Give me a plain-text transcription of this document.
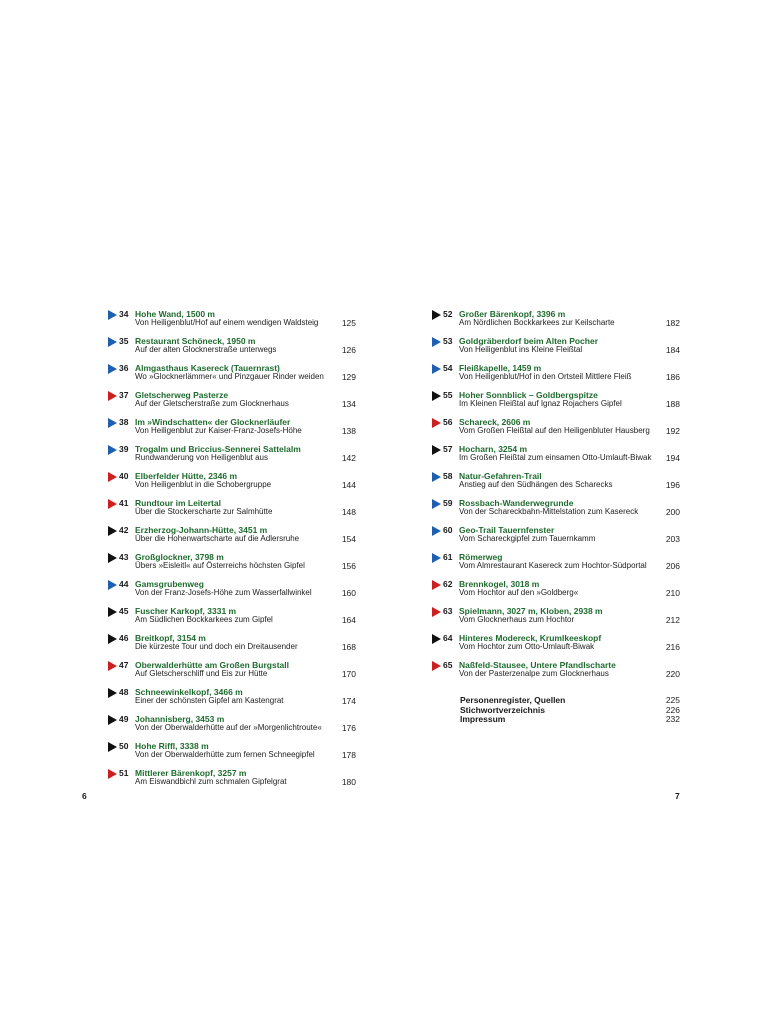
34 Hohe Wand, 1500 m
Von Heiligenblut/Hof auf einem wendigen Waldsteig	125
35 Restaurant Schöneck, 1950 m
Auf der alten Glocknerstraße unterwegs	126
36 Almgasthaus Kasereck (Tauernrast)
Wo »Glocknerlämmer« und Pinzgauer Rinder weiden 129
37 Gletscherweg Pasterze
Auf der Gletscherstraße zum Glocknerhaus	134
38 Im »Windschatten« der Glocknerläufer
Von Heiligenblut zur Kaiser-Franz-Josefs-Höhe	138
39 Trogalm und Briccius-Sennerei Sattelalm
Rundwanderung von Heiligenblut aus	142
40 Elberfelder Hütte, 2346 m
Von Heiligenblut in die Schobergruppe	144
41 Rundtour im Leitertal
Über die Stockerscharte zur Salmhütte	148
42 Erzherzog-Johann-Hütte, 3451 m
Über die Hohenwartscharte auf die Adlersruhe	154
43 Großglockner, 3798 m
Übers »Eisleitl« auf Österreichs höchsten Gipfel	156
44 Gamsgrubenweg
Von der Franz-Josefs-Höhe zum Wasserfallwinkel	160
45 Fuscher Karkopf, 3331 m
Am Südlichen Bockkarkees zum Gipfel	164
46 Breitkopf, 3154 m
Die kürzeste Tour und doch ein Dreitausender	168
47 Oberwalderhütte am Großen Burgstall
Auf Gletscherschliff und Eis zur Hütte	170
48 Schneewinkelkopf, 3466 m
Einer der schönsten Gipfel am Kastengrat	174
49 Johannisberg, 3453 m
Von der Oberwalderhütte auf der »Morgenlichtroute« 176
50 Hohe Riffl, 3338 m
Von der Oberwalderhütte zum fernen Schneegipfel	178
51 Mittlerer Bärenkopf, 3257 m
Am Eiswandbichl zum schmalen Gipfelgrat	180
6
52 Großer Bärenkopf, 3396 m
Am Nördlichen Bockkarkees zur Keilscharte	182
53 Goldgräberdorf beim Alten Pocher
Von Heiligenblut ins Kleine Fleißtal	184
54 Fleißkapelle, 1459 m
Von Heiligenblut/Hof in den Ortsteil Mittlere Fleiß	186
55 Hoher Sonnblick – Goldbergspitze
Im Kleinen Fleißtal auf Ignaz Rojachers Gipfel	188
56 Schareck, 2606 m
Vom Großen Fleißtal auf den Heiligenbluter Hausberg 192
57 Hocharn, 3254 m
Im Großen Fleißtal zum einsamen Otto-Umlauft-Biwak 194
58 Natur-Gefahren-Trail
Anstieg auf den Südhängen des Scharecks	196
59 Rossbach-Wanderwegrunde
Von der Schareckbahn-Mittelstation zum Kasereck	200
60 Geo-Trail Tauernfenster
Vom Schareckgipfel zum Tauernkamm	203
61 Römerweg
Vom Almrestaurant Kasereck zum Hochtor-Südportal 206
62 Brennkogel, 3018 m
Vom Hochtor auf den »Goldberg«	210
63 Spielmann, 3027 m, Kloben, 2938 m
Vom Glocknerhaus zum Hochtor	212
64 Hinteres Modereck, Krumlkeeskopf
Vom Hochtor zum Otto-Umlauft-Biwak	216
65 Naßfeld-Stausee, Untere Pfandlscharte
Von der Pasterzenalpe zum Glocknerhaus	220
Personenregister, Quellen	225
Stichwortverzeichnis	226
Impressum	232
7
